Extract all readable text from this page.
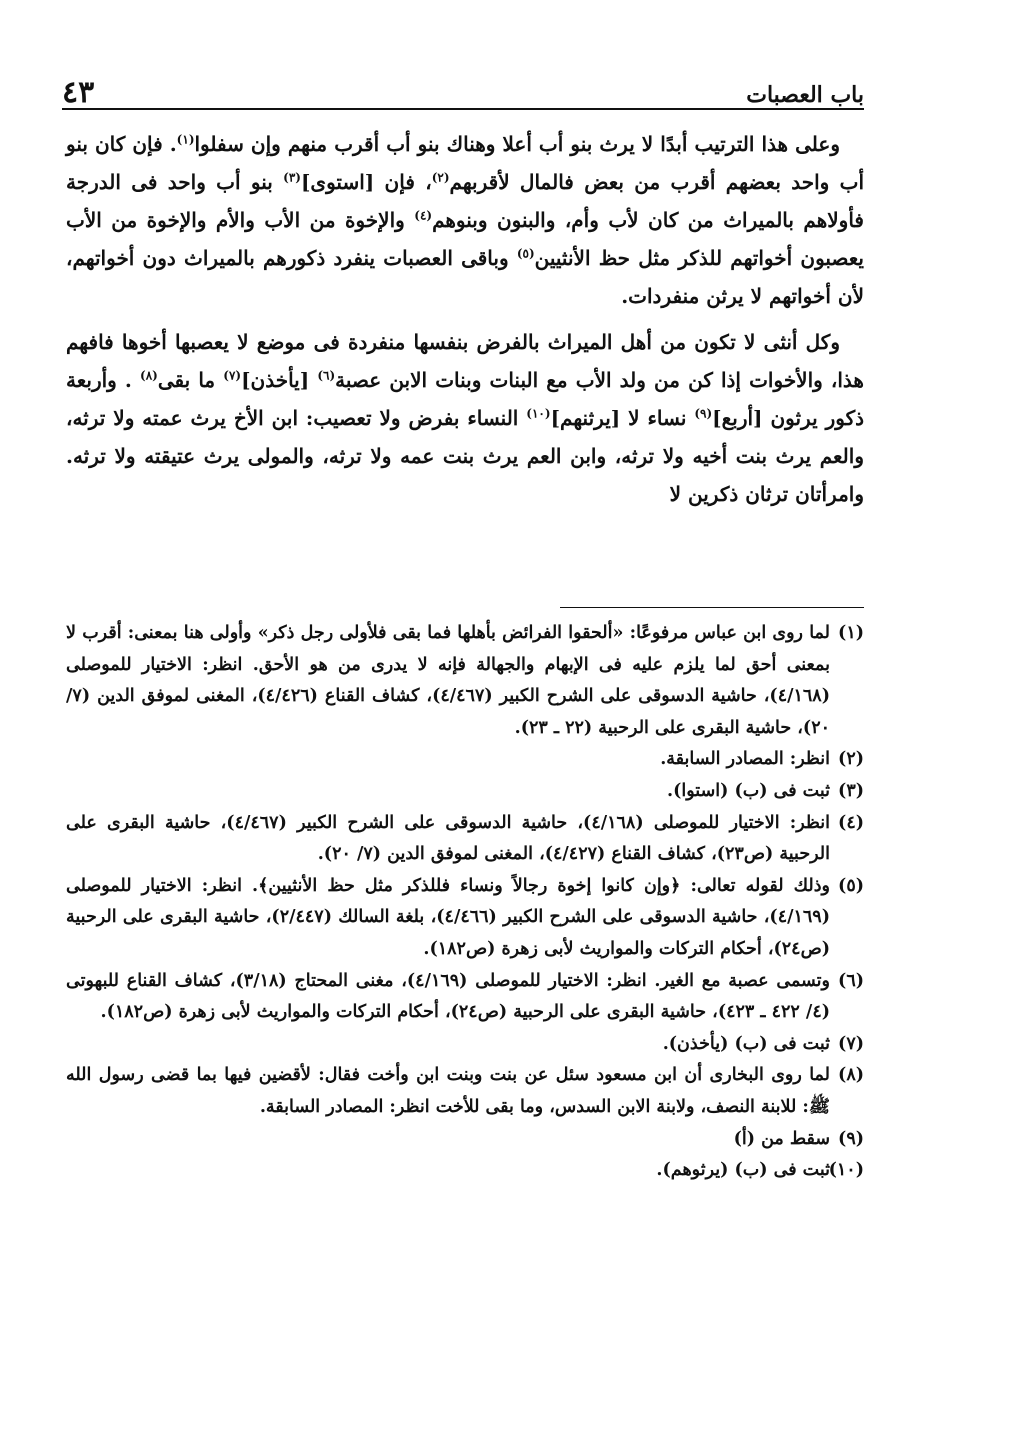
باب العصبات
٤٣

وعلى هذا الترتيب أبدًا لا يرث بنو أب أعلا وهناك بنو أب أقرب منهم وإن سفلوا$^{(١)}$. فإن كان بنو أب واحد بعضهم أقرب من بعض فالمال لأقربهم$^{(٢)}$، فإن [استوى]$^{(٣)}$ بنو أب واحد فى الدرجة فأولاهم بالميراث من كان لأب وأم، والبنون وبنوهم$^{(٤)}$ والإخوة من الأب والأم والإخوة من الأب يعصبون أخواتهم للذكر مثل حظ الأنثيين$^{(٥)}$ وباقى العصبات ينفرد ذكورهم بالميراث دون أخواتهم، لأن أخواتهم لا يرثن منفردات.

وكل أنثى لا تكون من أهل الميراث بالفرض بنفسها منفردة فى موضع لا يعصبها أخوها فافهم هذا، والأخوات إذا كن من ولد الأب مع البنات وبنات الابن عصبة$^{(٦)}$ [يأخذن]$^{(٧)}$ ما بقى$^{(٨)}$ . وأربعة ذكور يرثون [أربع]$^{(٩)}$ نساء لا [يرثنهم]$^{(١٠)}$ النساء بفرض ولا تعصيب: ابن الأخ يرث عمته ولا ترثه، والعم يرث بنت أخيه ولا ترثه، وابن العم يرث بنت عمه ولا ترثه، والمولى يرث عتيقته ولا ترثه. وامرأتان ترثان ذكرين لا

(١)
لما روى ابن عباس مرفوعًا: «ألحقوا الفرائض بأهلها فما بقى فلأولى رجل ذكر» وأولى هنا بمعنى: أقرب لا بمعنى أحق لما يلزم عليه فى الإبهام والجهالة فإنه لا يدرى من هو الأحق. انظر: الاختيار للموصلى (٤/١٦٨)، حاشية الدسوقى على الشرح الكبير (٤/٤٦٧)، كشاف القناع (٤/٤٢٦)، المغنى لموفق الدين (٧/ ٢٠)، حاشية البقرى على الرحبية (٢٢ ـ ٢٣).
(٢)
انظر: المصادر السابقة.
(٣)
ثبت فى (ب) (استوا).
(٤)
انظر: الاختيار للموصلى (٤/١٦٨)، حاشية الدسوقى على الشرح الكبير (٤/٤٦٧)، حاشية البقرى على الرحبية (ص٢٣)، كشاف القناع (٤/٤٢٧)، المغنى لموفق الدين (٧/ ٢٠).
(٥)
وذلك لقوله تعالى: ﴿وإن كانوا إخوة رجالاً ونساء فللذكر مثل حظ الأنثيين﴾. انظر: الاختيار للموصلى (٤/١٦٩)، حاشية الدسوقى على الشرح الكبير (٤/٤٦٦)، بلغة السالك (٢/٤٤٧)، حاشية البقرى على الرحبية (ص٢٤)، أحكام التركات والمواريث لأبى زهرة (ص١٨٢).
(٦)
وتسمى عصبة مع الغير. انظر: الاختيار للموصلى (٤/١٦٩)، مغنى المحتاج (٣/١٨)، كشاف القناع للبهوتى (٤/ ٤٢٢ ـ ٤٢٣)، حاشية البقرى على الرحبية (ص٢٤)، أحكام التركات والمواريث لأبى زهرة (ص١٨٢).
(٧)
ثبت فى (ب) (يأخذن).
(٨)
لما روى البخارى أن ابن مسعود سئل عن بنت وبنت ابن وأخت فقال: لأقضين فيها بما قضى رسول الله ﷺ: للابنة النصف، ولابنة الابن السدس، وما بقى للأخت انظر: المصادر السابقة.
(٩)
سقط من (أ)
(١٠)
ثبت فى (ب) (يرثوهم).
